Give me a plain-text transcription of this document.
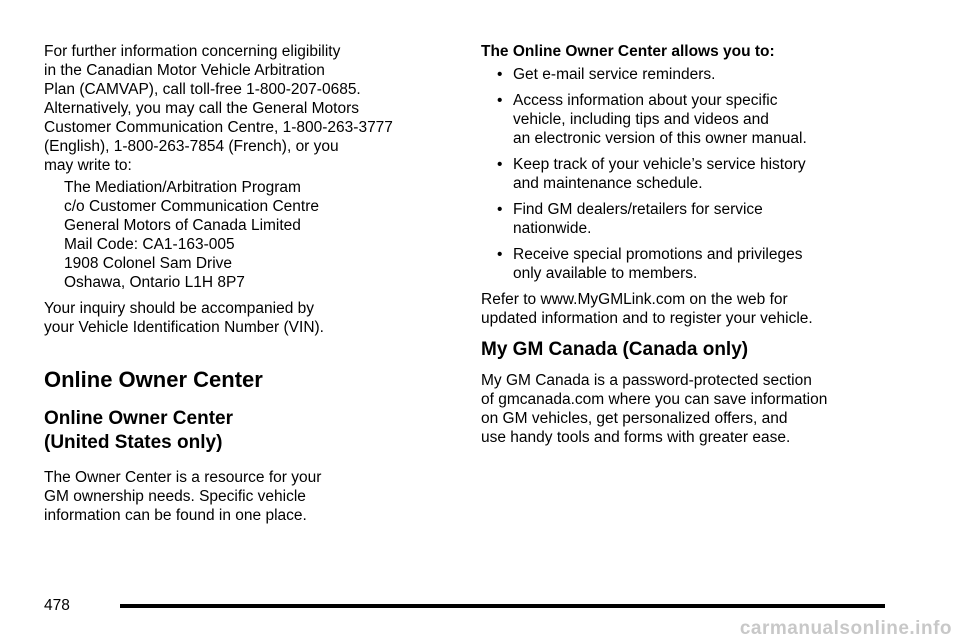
For further information concerning eligibility
in the Canadian Motor Vehicle Arbitration
Plan (CAMVAP), call toll-free 1-800-207-0685.
Alternatively, you may call the General Motors
Customer Communication Centre, 1-800-263-3777
(English), 1-800-263-7854 (French), or you
may write to:

The Mediation/Arbitration Program
c/o Customer Communication Centre
General Motors of Canada Limited
Mail Code: CA1-163-005
1908 Colonel Sam Drive
Oshawa, Ontario L1H 8P7

Your inquiry should be accompanied by
your Vehicle Identification Number (VIN).

Online Owner Center
Online Owner Center
(United States only)

The Owner Center is a resource for your
GM ownership needs. Specific vehicle
information can be found in one place.

The Online Owner Center allows you to:

• Get e-mail service reminders.

• Access information about your specific
vehicle, including tips and videos and
an electronic version of this owner manual.

• Keep track of your vehicle’s service history
and maintenance schedule.

• Find GM dealers/retailers for service
nationwide.

• Receive special promotions and privileges
only available to members.

Refer to www.MyGMLink.com on the web for
updated information and to register your vehicle.

My GM Canada (Canada only)

My GM Canada is a password-protected section
of gmcanada.com where you can save information
on GM vehicles, get personalized offers, and
use handy tools and forms with greater ease.

478
carmanualsonline.info
